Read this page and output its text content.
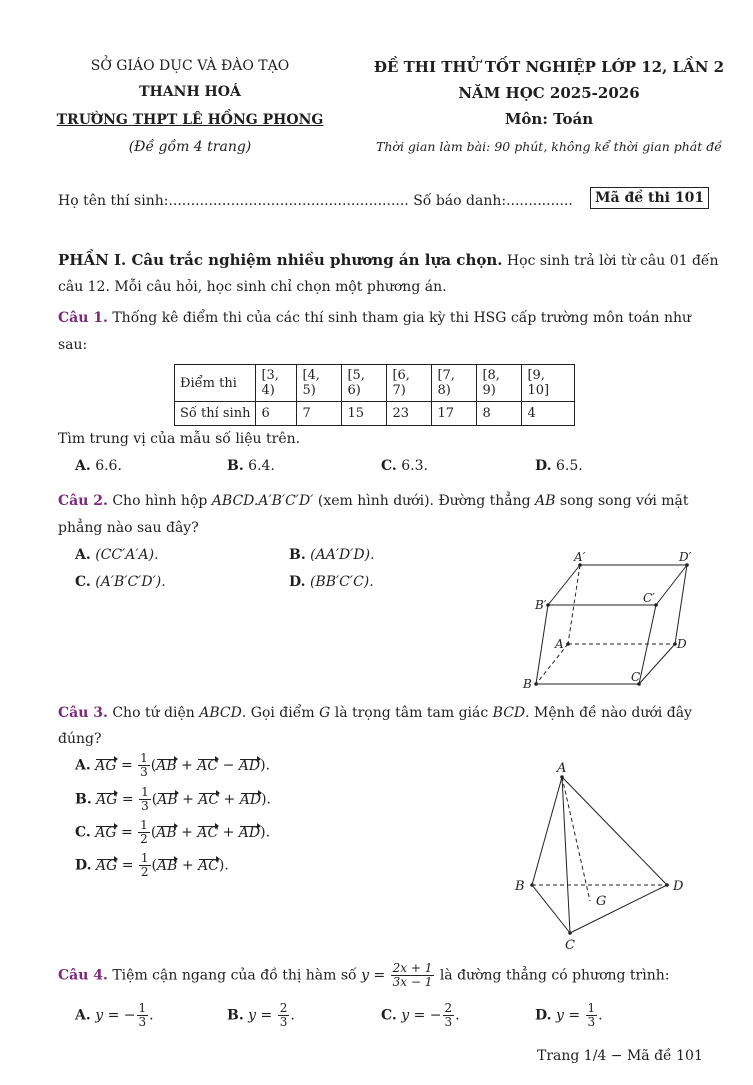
SỞ GIÁO DỤC VÀ ĐÀO TẠO
THANH HOÁ
TRƯỜNG THPT LÊ HỒNG PHONG
(Đề gồm 4 trang)
ĐỀ THI THỬ TỐT NGHIỆP LỚP 12, LẦN 2
NĂM HỌC 2025-2026
Môn: Toán
Thời gian làm bài: 90 phút, không kể thời gian phát đề
Họ tên thí sinh:...................................................... Số báo danh:...............	Mã đề thi 101
PHẦN I. Câu trắc nghiệm nhiều phương án lựa chọn. Học sinh trả lời từ câu 01 đến
câu 12. Mỗi câu hỏi, học sinh chỉ chọn một phương án.
Câu 1. Thống kê điểm thi của các thí sinh tham gia kỳ thi HSG cấp trường môn toán như
sau:
Điểm thi	[3, 4)	[4, 5)	[5, 6)	[6, 7)	[7, 8)	[8, 9)	[9, 10]
Số thí sinh	6	7	15	23	17	8	4
Tìm trung vị của mẫu số liệu trên.
A. 6.6.	B. 6.4.	C. 6.3.	D. 6.5.
Câu 2. Cho hình hộp ABCD.A′B′C′D′ (xem hình dưới). Đường thẳng AB song song với mặt
phẳng nào sau đây?
A. (CC′A′A).	B. (AA′D′D).
C. (A′B′C′D′).	D. (BB′C′C).
A′	D′
B′	C′
A	D
B	C
Câu 3. Cho tứ diện ABCD. Gọi điểm G là trọng tâm tam giác BCD. Mệnh đề nào dưới đây
đúng?
A. AG = $\frac{1}{3} (AB$ + AC − AD).
B. AG = $\frac{1}{3} (AB$ + AC + AD).
C. AG = $\frac{1}{2} (AB$ + AC + AD).
D. AG = $\frac{1}{2} (AB + AC)$.
A
B	D
G
C
Câu 4. Tiệm cận ngang của đồ thị hàm số $y = \frac{2x + 1}{3x - 1}$ là đường thẳng có phương trình:
A. y = − $\frac{1}{3}$ .	B. $y = \frac{2}{3}$ .	C. y = − $\frac{2}{3}$ .	D. $y = \frac{1}{3}$ .
Trang 1/4 − Mã đề 101
